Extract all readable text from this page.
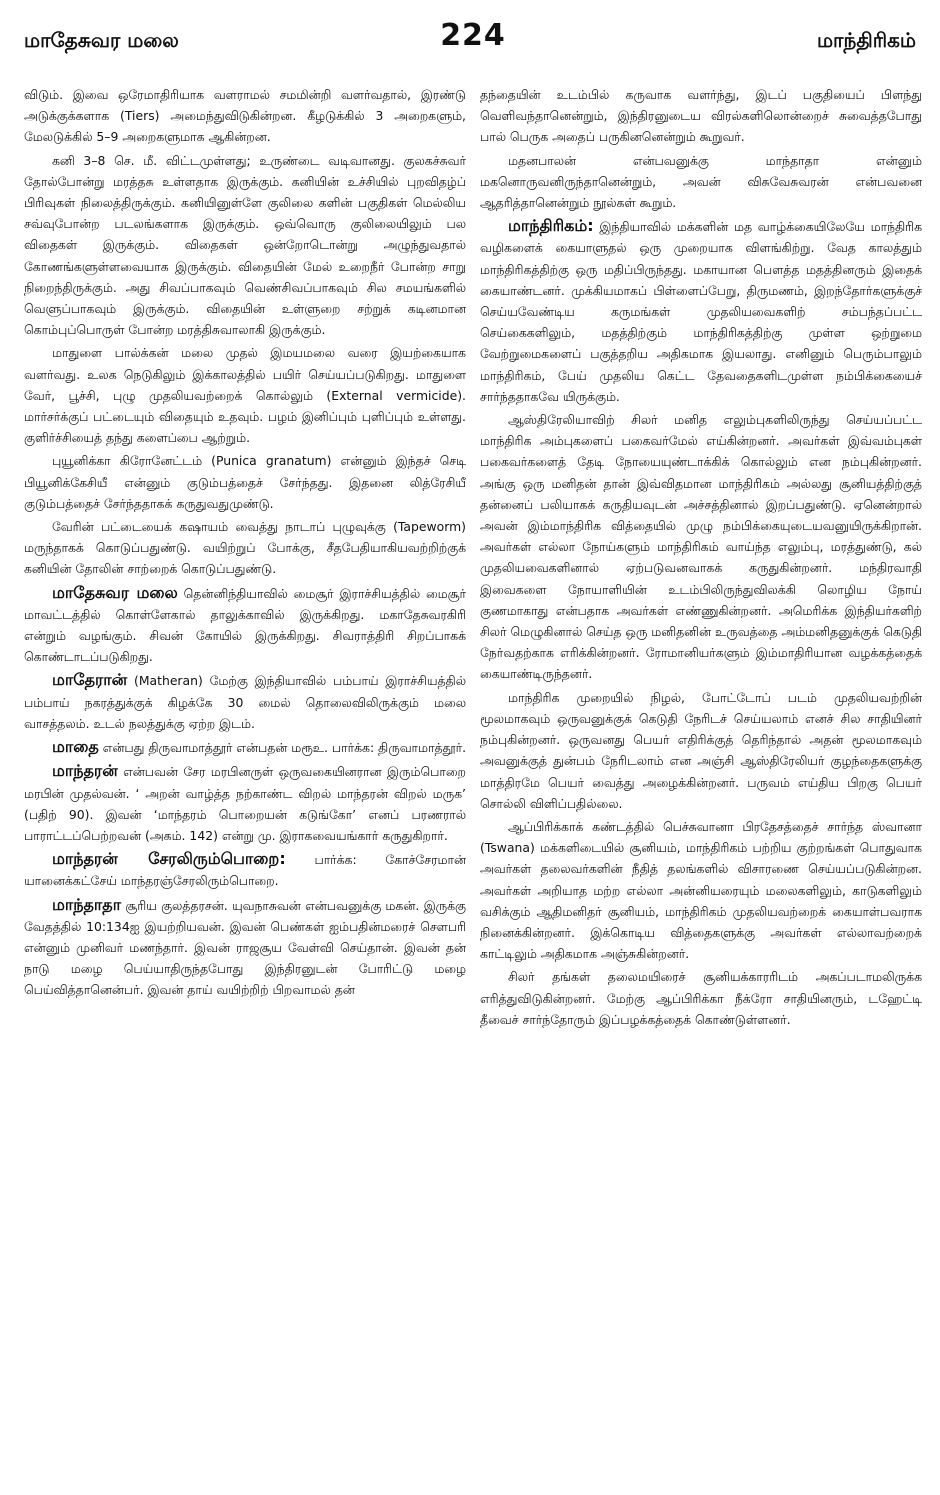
மாதேசுவர மலை	224	மாந்திரிகம்

விடும். இவை ஒரேமாதிரியாக வளராமல் சமமின்றி வளர்வதால், இரண்டு அடுக்குக்களாக (Tiers) அமைந்துவிடுகின்றன. கீழடுக்கில் 3 அறைகளும், மேலடுக்கில் 5–9 அறைகளுமாக ஆகின்றன.

கனி 3–8 செ. மீ. விட்டமுள்ளது; உருண்டை வடிவானது. குலகச்சுவர் தோல்போன்று மரத்தசு உள்ளதாக இருக்கும். கனியின் உச்சியில் புறவிதழ்ப் பிரிவுகள் நிலைத்திருக்கும். கனியினுள்ளே குலிலை களின் பகுதிகள் மெல்லிய சவ்வுபோன்ற படலங்களாக இருக்கும். ஒவ்வொரு குலிலையிலும் பல விதைகள் இருக்கும். விதைகள் ஒன்றோடொன்று அழுந்துவதால் கோணங்களுள்ளவையாக இருக்கும். விதையின் மேல் உறைநீர் போன்ற சாறு நிறைந்திருக்கும். அது சிவப்பாகவும் வெண்சிவப்பாகவும் சில சமயங்களில் வெளுப்பாகவும் இருக்கும். விதையின் உள்ளுறை சற்றுக் கடினமான கொம்புப்பொருள் போன்ற மரத்திசுவாலாகி இருக்கும்.

மாதுளை பால்க்கன் மலை முதல் இமயமலை வரை இயற்கையாக வளர்வது. உலக நெடுகிலும் இக்காலத்தில் பயிர் செய்யப்படுகிறது. மாதுளை வேர், பூச்சி, புழு முதலியவற்றைக் கொல்லும் (External vermicide). மார்சர்க்குப் பட்டையும் விதையும் உதவும். பழம் இனிப்பும் புளிப்பும் உள்ளது. குளிர்ச்சியைத் தந்து களைப்பை ஆற்றும்.

புயூனிக்கா கிரோனேட்டம் (Punica granatum) என்னும் இந்தச் செடி பியூனிக்கேசியீ என்னும் குடும்பத்தைச் சேர்ந்தது. இதனை லித்ரேசியீ குடும்பத்தைச் சேர்ந்ததாகக் கருதுவதுமுண்டு.

வேரின் பட்டையைக் கஷாயம் வைத்து நாடாப் புழுவுக்கு (Tapeworm) மருந்தாகக் கொடுப்பதுண்டு. வயிற்றுப் போக்கு, சீதபேதியாகியவற்றிற்குக் கனியின் தோலின் சாற்றைக் கொடுப்பதுண்டு.

மாதேசுவர மலை தென்னிந்தியாவில் மைசூர் இராச்சியத்தில் மைசூர் மாவட்டத்தில் கொள்ளேகால் தாலுக்காவில் இருக்கிறது. மகாதேசுவரகிரி என்றும் வழங்கும். சிவன் கோயில் இருக்கிறது. சிவராத்திரி சிறப்பாகக் கொண்டாடப்படுகிறது.

மாதேரான் (Matheran) மேற்கு இந்தியாவில் பம்பாய் இராச்சியத்தில் பம்பாய் நகரத்துக்குக் கிழக்கே 30 மைல் தொலைவிலிருக்கும் மலை வாசத்தலம். உடல் நலத்துக்கு ஏற்ற இடம்.

மாதை என்பது திருவாமாத்தூர் என்பதன் மரூஉ. பார்க்க: திருவாமாத்தூர்.

மாந்தரன் என்பவன் சேர மரபினருள் ஒருவகையினரான இரும்பொறை மரபின் முதல்வன். ‘ அறன் வாழ்த்த நற்காண்ட விறல் மாந்தரன் விறல் மருக’ (பதிற் 90). இவன் ‘மாந்தரம் பொறையன் கடுங்கோ’ எனப் பரணரால் பாராட்டப்பெற்றவன் (அகம். 142) என்று மு. இராகவையங்கார் கருதுகிறார்.

மாந்தரன் சேரலிரும்பொறை: பார்க்க: கோச்சேரமான் யானைக்கட்சேய் மாந்தரஞ்சேரலிரும்பொறை.

மாந்தாதா சூரிய குலத்தரசன். யுவநாசுவன் என்பவனுக்கு மகன். இருக்கு வேதத்தில் 10:134ஐ இயற்றியவன். இவன் பெண்கள் ஐம்பதின்மரைச் சௌபரி என்னும் முனிவர் மணந்தார். இவன் ராஜசூய வேள்வி செய்தான். இவன் தன் நாடு மழை பெய்யாதிருந்தபோது இந்திரனுடன் போரிட்டு மழை பெய்வித்தானென்பர். இவன் தாய் வயிற்றிற் பிறவாமல் தன்

தந்தையின் உடம்பில் கருவாக வளர்ந்து, இடப் பகுதியைப் பிளந்து வெளிவந்தானென்றும், இந்திரனுடைய விரல்களிலொன்றைச் சுவைத்தபோது பால் பெருக அதைப் பருகினனென்றும் கூறுவர்.

மதனபாலன் என்பவனுக்கு மாந்தாதா என்னும் மகனொருவனிருந்தானென்றும், அவன் விசுவேசுவரன் என்பவனை ஆதரித்தானென்றும் நூல்கள் கூறும்.

மாந்திரிகம்: இந்தியாவில் மக்களின் மத வாழ்க்கையிலேயே மாந்திரிக வழிகளைக் கையாளுதல் ஒரு முறையாக விளங்கிற்று. வேத காலத்தும் மாந்திரிகத்திற்கு ஒரு மதிப்பிருந்தது. மகாயான பௌத்த மதத்தினரும் இதைக் கையாண்டனர். முக்கியமாகப் பிள்ளைப்பேறு, திருமணம், இறந்தோர்களுக்குச் செய்யவேண்டிய கருமங்கள் முதலியவைகளிற் சம்பந்தப்பட்ட செய்கைகளிலும், மதத்திற்கும் மாந்திரிகத்திற்கு முள்ள ஒற்றுமை வேற்றுமைகளைப் பகுத்தறிய அதிகமாக இயலாது. எனினும் பெரும்பாலும் மாந்திரிகம், பேய் முதலிய கெட்ட தேவதைகளிடமுள்ள நம்பிக்கையைச் சார்ந்ததாகவே யிருக்கும்.

ஆஸ்திரேலியாவிற் சிலர் மனித எலும்புகளிலிருந்து செய்யப்பட்ட மாந்திரிக அம்புகளைப் பகைவர்மேல் எய்கின்றனர். அவர்கள் இவ்வம்புகள் பகைவர்களைத் தேடி நோயையுண்டாக்கிக் கொல்லும் என நம்புகின்றனர். அங்கு ஒரு மனிதன் தான் இவ்விதமான மாந்திரிகம் அல்லது சூனியத்திற்குத் தன்னைப் பலியாகக் கருதியவுடன் அச்சத்தினால் இறப்பதுண்டு. ஏனென்றால் அவன் இம்மாந்திரிக வித்தையில் முழு நம்பிக்கையுடையவனுயிருக்கிறான். அவர்கள் எல்லா நோய்களும் மாந்திரிகம் வாய்ந்த எலும்பு, மரத்துண்டு, கல் முதலியவைகளினால் ஏற்படுவனவாகக் கருதுகின்றனர். மந்திரவாதி இவைகளை நோயாளியின் உடம்பிலிருந்துவிலக்கி லொழிய நோய் குணமாகாது என்பதாக அவர்கள் எண்ணுகின்றனர். அமெரிக்க இந்தியர்களிற் சிலர் மெழுகினால் செய்த ஒரு மனிதனின் உருவத்தை அம்மனிதனுக்குக் கெடுதி நேர்வதற்காக எரிக்கின்றனர். ரோமானியர்களும் இம்மாதிரியான வழக்கத்தைக் கையாண்டிருந்தனர்.

மாந்திரிக முறையில் நிழல், போட்டோப் படம் முதலியவற்றின் மூலமாகவும் ஒருவனுக்குக் கெடுதி நேரிடச் செய்யலாம் எனச் சில சாதியினர் நம்புகின்றனர். ஒருவனது பெயர் எதிரிக்குத் தெரிந்தால் அதன் மூலமாகவும் அவனுக்குத் துன்பம் நேரிடலாம் என அஞ்சி ஆஸ்திரேலியர் குழந்தைகளுக்கு மாத்திரமே பெயர் வைத்து அழைக்கின்றனர். பருவம் எய்திய பிறகு பெயர் சொல்லி விளிப்பதில்லை.

ஆப்பிரிக்காக் கண்டத்தில் பெச்சுவானா பிரதேசத்தைச் சார்ந்த ஸ்வானா (Tswana) மக்களிடையில் சூனியம், மாந்திரிகம் பற்றிய குற்றங்கள் பொதுவாக அவர்கள் தலைவர்களின் நீதித் தலங்களில் விசாரணை செய்யப்படுகின்றன. அவர்கள் அறியாத மற்ற எல்லா அன்னியரையும் மலைகளிலும், காடுகளிலும் வசிக்கும் ஆதிமனிதர் சூனியம், மாந்திரிகம் முதலியவற்றைக் கையாள்பவராக நினைக்கின்றனர். இக்கொடிய வித்தைகளுக்கு அவர்கள் எல்லாவற்றைக் காட்டிலும் அதிகமாக அஞ்சுகின்றனர்.

சிலர் தங்கள் தலைமயிரைச் சூனியக்காரரிடம் அகப்படாமலிருக்க எரித்துவிடுகின்றனர். மேற்கு ஆப்பிரிக்கா நீக்ரோ சாதியினரும், டஹேட்டி தீவைச் சார்ந்தோரும் இப்பழக்கத்தைக் கொண்டுள்ளனர்.
